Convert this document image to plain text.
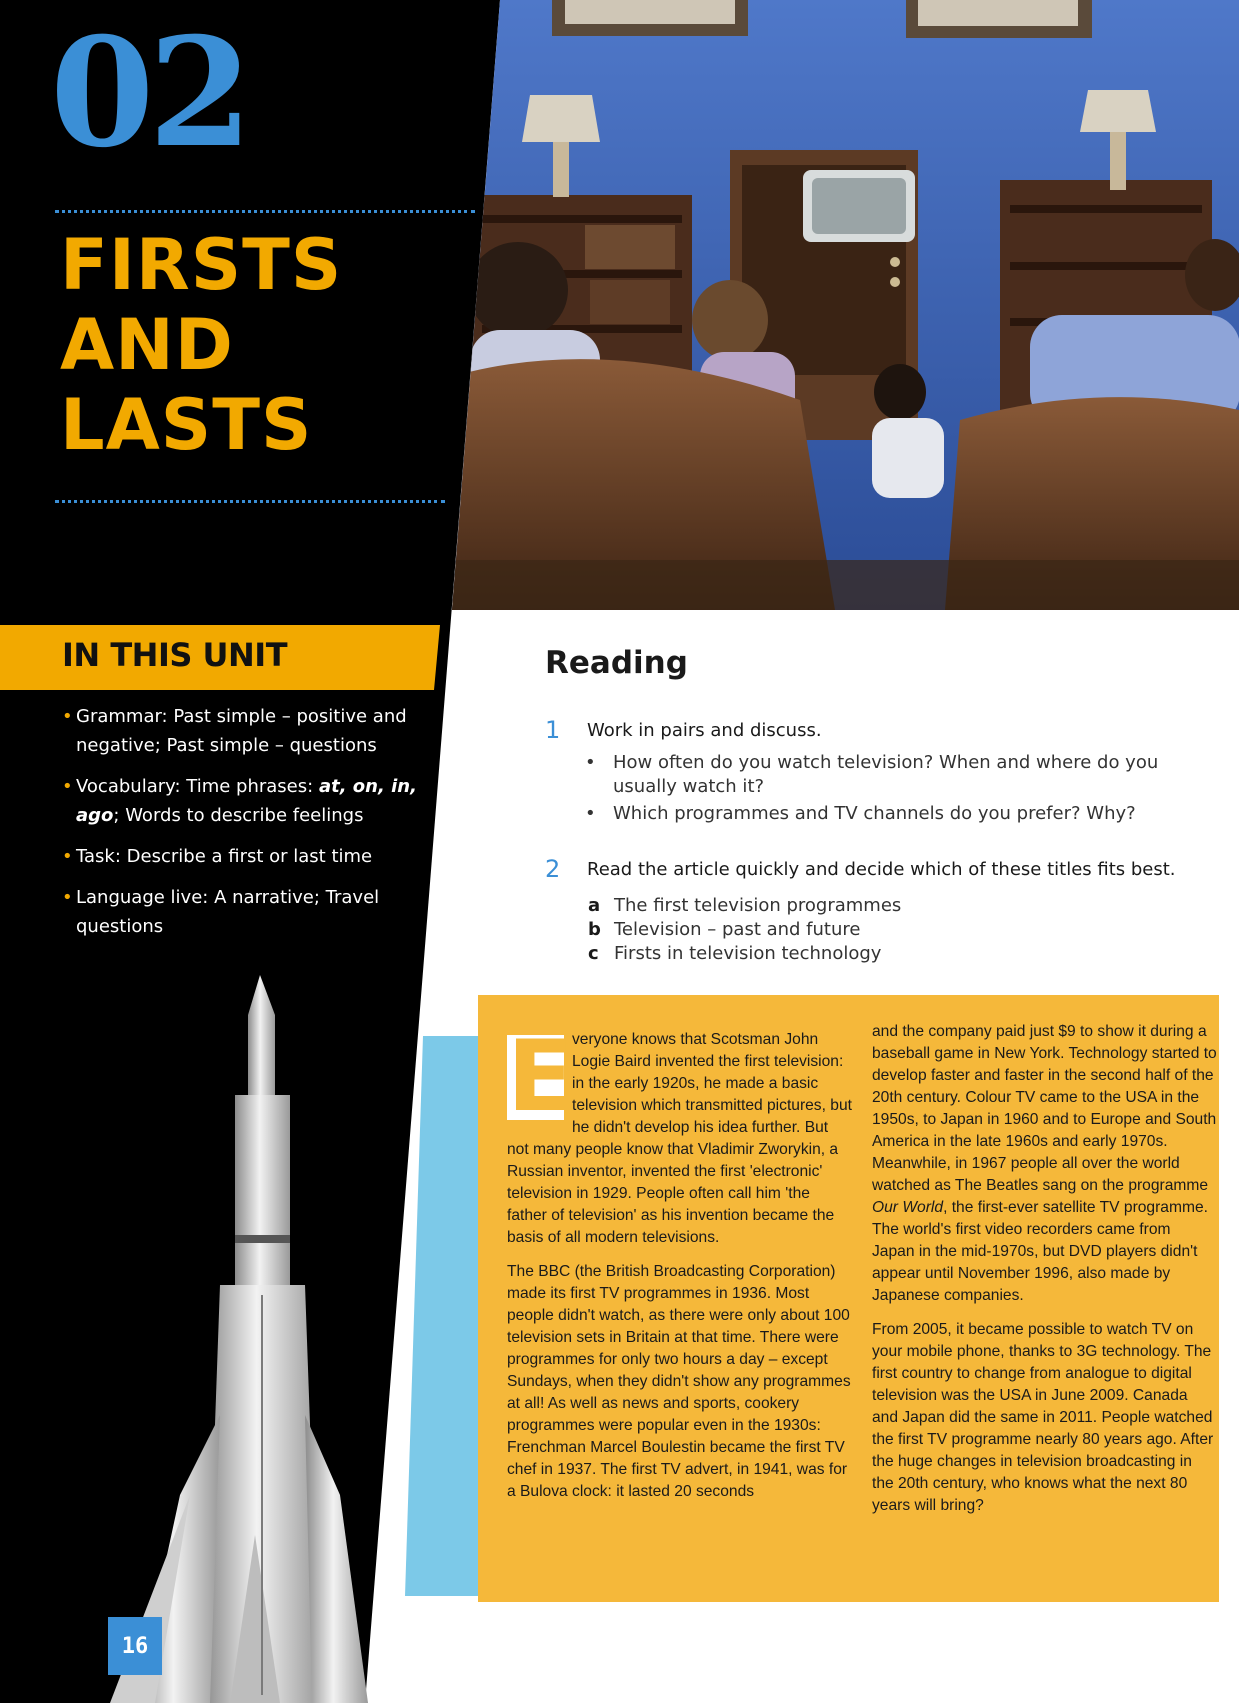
02
FIRSTS
AND
LASTS
IN THIS UNIT
• Grammar: Past simple – positive and negative; Past simple – questions
• Vocabulary: Time phrases: at, on, in, ago; Words to describe feelings
• Task: Describe a first or last time
• Language live: A narrative; Travel questions
16
Reading
1 Work in pairs and discuss.
• How often do you watch television? When and where do you usually watch it?
• Which programmes and TV channels do you prefer? Why?
2 Read the article quickly and decide which of these titles fits best.
a The first television programmes
b Television – past and future
c Firsts in television technology

E
veryone knows that Scotsman John Logie Baird invented the first television: in the early 1920s, he made a basic television which transmitted pictures, but he didn't develop his idea further. But not many people know that Vladimir Zworykin, a Russian inventor, invented the first 'electronic' television in 1929. People often call him 'the father of television' as his invention became the basis of all modern televisions.

The BBC (the British Broadcasting Corporation) made its first TV programmes in 1936. Most people didn't watch, as there were only about 100 television sets in Britain at that time. There were programmes for only two hours a day – except Sundays, when they didn't show any programmes at all! As well as news and sports, cookery programmes were popular even in the 1930s: Frenchman Marcel Boulestin became the first TV chef in 1937. The first TV advert, in 1941, was for a Bulova clock: it lasted 20 seconds

and the company paid just $9 to show it during a baseball game in New York. Technology started to develop faster and faster in the second half of the 20th century. Colour TV came to the USA in the 1950s, to Japan in 1960 and to Europe and South America in the late 1960s and early 1970s. Meanwhile, in 1967 people all over the world watched as The Beatles sang on the programme Our World, the first-ever satellite TV programme. The world's first video recorders came from Japan in the mid-1970s, but DVD players didn't appear until November 1996, also made by Japanese companies.

From 2005, it became possible to watch TV on your mobile phone, thanks to 3G technology. The first country to change from analogue to digital television was the USA in June 2009. Canada and Japan did the same in 2011. People watched the first TV programme nearly 80 years ago. After the huge changes in television broadcasting in the 20th century, who knows what the next 80 years will bring?
